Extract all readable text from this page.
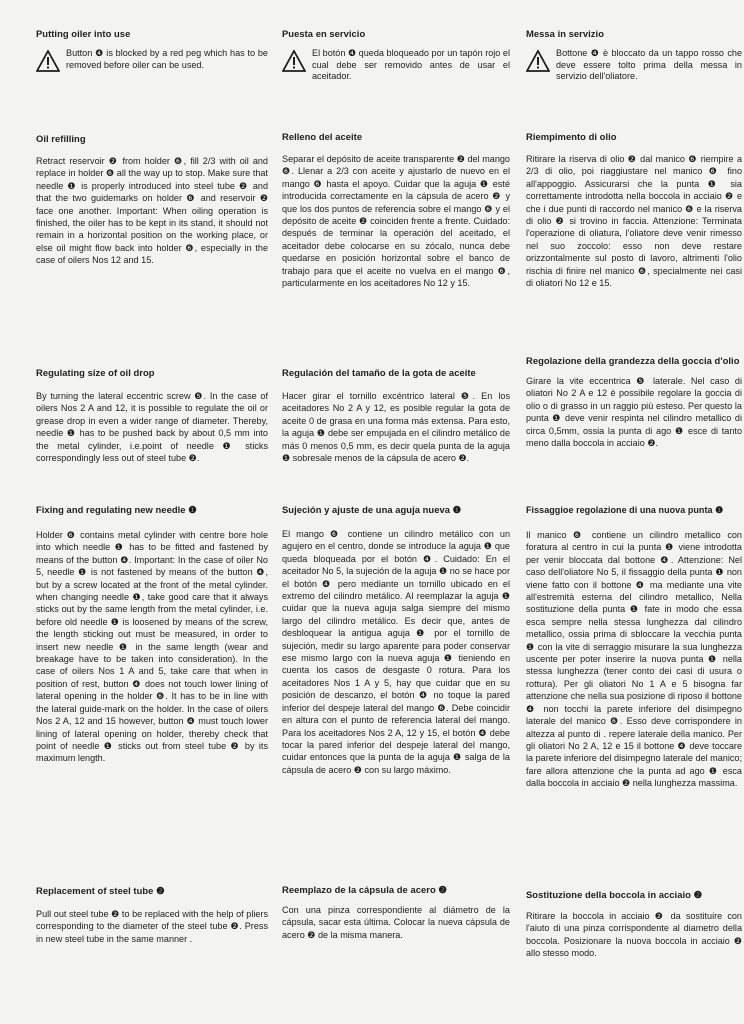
Putting oiler into use

Button ❹ is blocked by a red peg which has to be removed before oiler can be used.

Oil refilling

Retract reservoir ❷ from holder ❻, fill 2/3 with oil and replace in holder ❻ all the way up to stop. Make sure that needle ❶ is properly introduced into steel tube ❷ and that the two guidemarks on holder ❻ and reservoir ❷ face one another. Important: When oiling operation is finished, the oiler has to be kept in its stand, it should not remain in a horizontal position on the working place, or else oil might flow back into holder ❻, especially in the case of oilers Nos 12 and 15.

Regulating size of oil drop

By turning the lateral eccentric screw ❺. In the case of oilers Nos 2 A and 12, it is possible to regulate the oil or grease drop in even a wider range of diameter. Thereby, needle ❶ has to be pushed back by about 0,5 mm into the metal cylinder, i.e.point of needle ❶ sticks correspondingly less out of steel tube ❷.

Fixing and regulating new needle ❶

Holder ❻ contains metal cylinder with centre bore hole into which needle ❶ has to be fitted and fastened by means of the button ❹. Important: In the case of oiler No 5, needle ❶ is not fastened by means of the button ❹, but by a screw located at the front of the metal cylinder. when changing needle ❶, take good care that it always sticks out by the same length from the metal cylinder, i.e. before old needle ❶ is loosened by means of the screw, the length sticking out must be measured, in order to insert new needle ❶ in the same length (wear and breakage have to be taken into consideration). In the case of oilers Nos 1 A and 5, take care that when in position of rest, button ❹ does not touch lower lining of lateral opening in the holder ❻. It has to be in line with the lateral guide-mark on the holder. In the case of oilers Nos 2 A, 12 and 15 however, button ❹ must touch lower lining of lateral opening on holder, thereby check that point of needle ❶ sticks out from steel tube ❷ by its maximum length.

Replacement of steel tube ❷

Pull out steel tube ❷ to be replaced with the help of pliers corresponding to the diameter of the steel tube ❷. Press in new steel tube in the same manner .

Puesta en servicio

El botón ❹ queda bloqueado por un tapón rojo el cual debe ser removido antes de usar el aceitador.

Relleno del aceite

Separar el depósito de aceite transparente ❷ del mango ❻. Llenar a 2/3 con aceite y ajustarlo de nuevo en el mango ❻ hasta el apoyo. Cuidar que la aguja ❶ esté introducida correctamente en la cápsula de acero ❷ y que los dos puntos de referencia sobre el mango ❻ y el depósito de aceite ❷ coinciden frente a frente. Cuidado: después de terminar la operación del aceitado, el aceitador debe colocarse en su zócalo, nunca debe quedarse en posición horizontal sobre el banco de trabajo para que el aceite no vuelva en el mango ❻, particularmente en los aceitadores No 12 y 15.

Regulación del tamaño de la gota de aceite

Hacer girar el tornillo excéntrico lateral ❺. En los aceitadores No 2 A y 12, es posible regular la gota de aceite 0 de grasa en una forma más extensa. Para esto, la aguja ❶ debe ser empujada en el cilindro metálico de más 0 menos 0,5 mm, es decir quela punta de la aguja ❶ sobresale menos de la cápsula de acero ❷.

Sujeción y ajuste de una aguja nueva ❶

El mango ❻ contiene un cilindro metálico con un agujero en el centro, donde se introduce la aguja ❶ que queda bloqueada por el botón ❹. Cuidado: En el aceitador No 5, la sujeción de la aguja ❶ no se hace por el botón ❹ pero mediante un tornillo ubicado en el extremo del cilindro metálico. Al reemplazar la aguja ❶ cuidar que la nueva aguja salga siempre del mismo largo del cilindro metálico. Es decir que, antes de desbloquear la antigua aguja ❶ por el tornillo de sujeción, medir su largo aparente para poder conservar ese mismo largo con la nueva aguja ❶ tieniendo en cuenta los casos de desgaste 0 rotura. Para los aceitadores Nos 1 A y 5, hay que cuidar que en su posición de descanzo, el botón ❹ no toque la pared inferior del despeje lateral del mango ❻. Debe coincidir en altura con el punto de referencia lateral del mango. Para los aceitadores Nos 2 A, 12 y 15, el botón ❹ debe tocar la pared inferior del despeje lateral del mango, cuidar entonces que la punta de la aguja ❶ salga de la cápsula de acero ❷ con su largo máximo.

Reemplazo de la cápsula de acero ❷

Con una pinza correspondiente al diámetro de la cápsula, sacar esta última. Colocar la nueva cápsula de acero ❷ de la misma manera.

Messa in servizio

Bottone ❹ è bloccato da un tappo rosso che deve essere tolto prima della messa in servizio dell'oliatore.

Riempimento di olio

Ritirare la riserva di olio ❷ dal manico ❻ riempire a 2/3 di olio, poi riaggiustare nel manico ❻ fino all'appoggio. Assicurarsi che la punta ❶ sia correttamente introdotta nella boccola in acciaio ❷ e che i due punti di raccordo nel manico ❻ e la riserva di olio ❷ si trovino in faccia. Attenzione: Terminata l'operazione di oliatura, l'oliatore deve venir rimesso nel suo zoccolo: esso non deve restare orizzontalmente sul posto di lavoro, altrimenti l'olio rischia di finire nel manico ❻, specialmente nei casi di oliatori No 12 e 15.

Regolazione della grandezza della goccia d'olio

Girare la vite eccentrica ❺ laterale. Nel caso di oliatori No 2 A e 12 è possibile regolare la goccia di olio o di grasso in un raggio più esteso. Per questo la punta ❶ deve venir respinta nel cilindro metallico di circa 0,5mm, ossia la punta di ago ❶ esce di tanto meno dalla boccola in acciaio ❷.

Fissaggioe regolazione di una nuova punta ❶

Il manico ❻ contiene un cilindro metallico con foratura al centro in cui la punta ❶ viene introdotta per venir bloccata dal bottone ❹. Attenzione: Nel caso dell'oliatore No 5, il fissaggio della punta ❶ non viene fatto con il bottone ❹ ma mediante una vite all'estremità esterna del cilindro metallico, Nella sostituzione della punta ❶ fate in modo che essa esca sempre nella stessa lunghezza dal cilindro metallico, ossia prima di sbloccare la vecchia punta ❶ con la vite di serraggio misurare la sua lunghezza uscente per poter inserire la nuova punta ❶ nella stessa lunghezza (tener conto dei casi di usura o rottura). Per gli oliatori No 1 A e 5 bisogna far attenzione che nella sua posizione di riposo il bottone ❹ non tocchi la parete inferiore del disimpegno laterale del manico ❻. Esso deve corrispondere in altezza al punto di . repere laterale della manico. Per gli oliatori No 2 A, 12 e 15 il bottone ❹ deve toccare la parete inferiore del disimpegno laterale del manico; fare allora attenzione che la punta ad ago ❶ esca dalla boccola in acciaio ❷ nella lunghezza massima.

Sostituzione della boccola in acciaio ❷

Ritirare la boccola in acciaio ❷ da sostituire con l'aiuto di una pinza corrispondente al diametro della boccola. Posizionare la nuova boccola in acciaio ❷ allo stesso modo.
